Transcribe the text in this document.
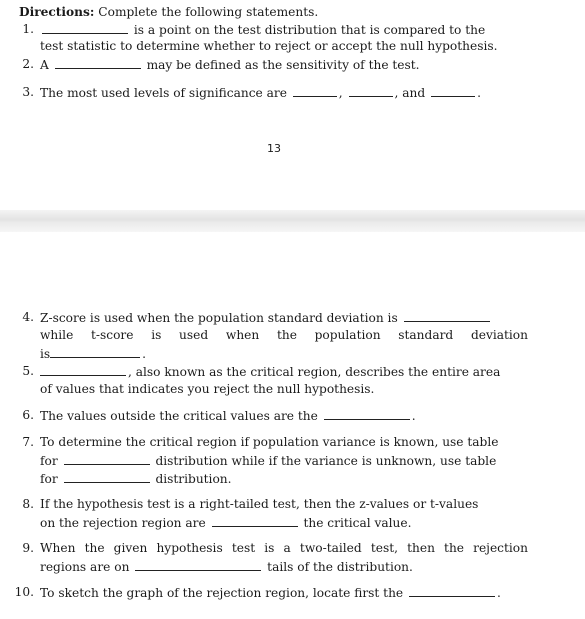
Directions: Complete the following statements.
1.	is a point on the test distribution that is compared to the
test statistic to determine whether to reject or accept the null hypothesis.
2. A	may be defined as the sensitivity of the test.
3. The most used levels of significance are	,	, and	.
13
4. Z-score is used when the population standard deviation is
while t-score is used when the population standard deviation
is	.
5.	, also known as the critical region, describes the entire area
of values that indicates you reject the null hypothesis.
6. The values outside the critical values are the	.
7. To determine the critical region if population variance is known, use table
for	distribution while if the variance is unknown, use table
for	distribution.
8. If the hypothesis test is a right-tailed test, then the z-values or t-values
on the rejection region are	the critical value.
9. When the given hypothesis test is a two-tailed test, then the rejection
regions are on	tails of the distribution.
10. To sketch the graph of the rejection region, locate first the	.
